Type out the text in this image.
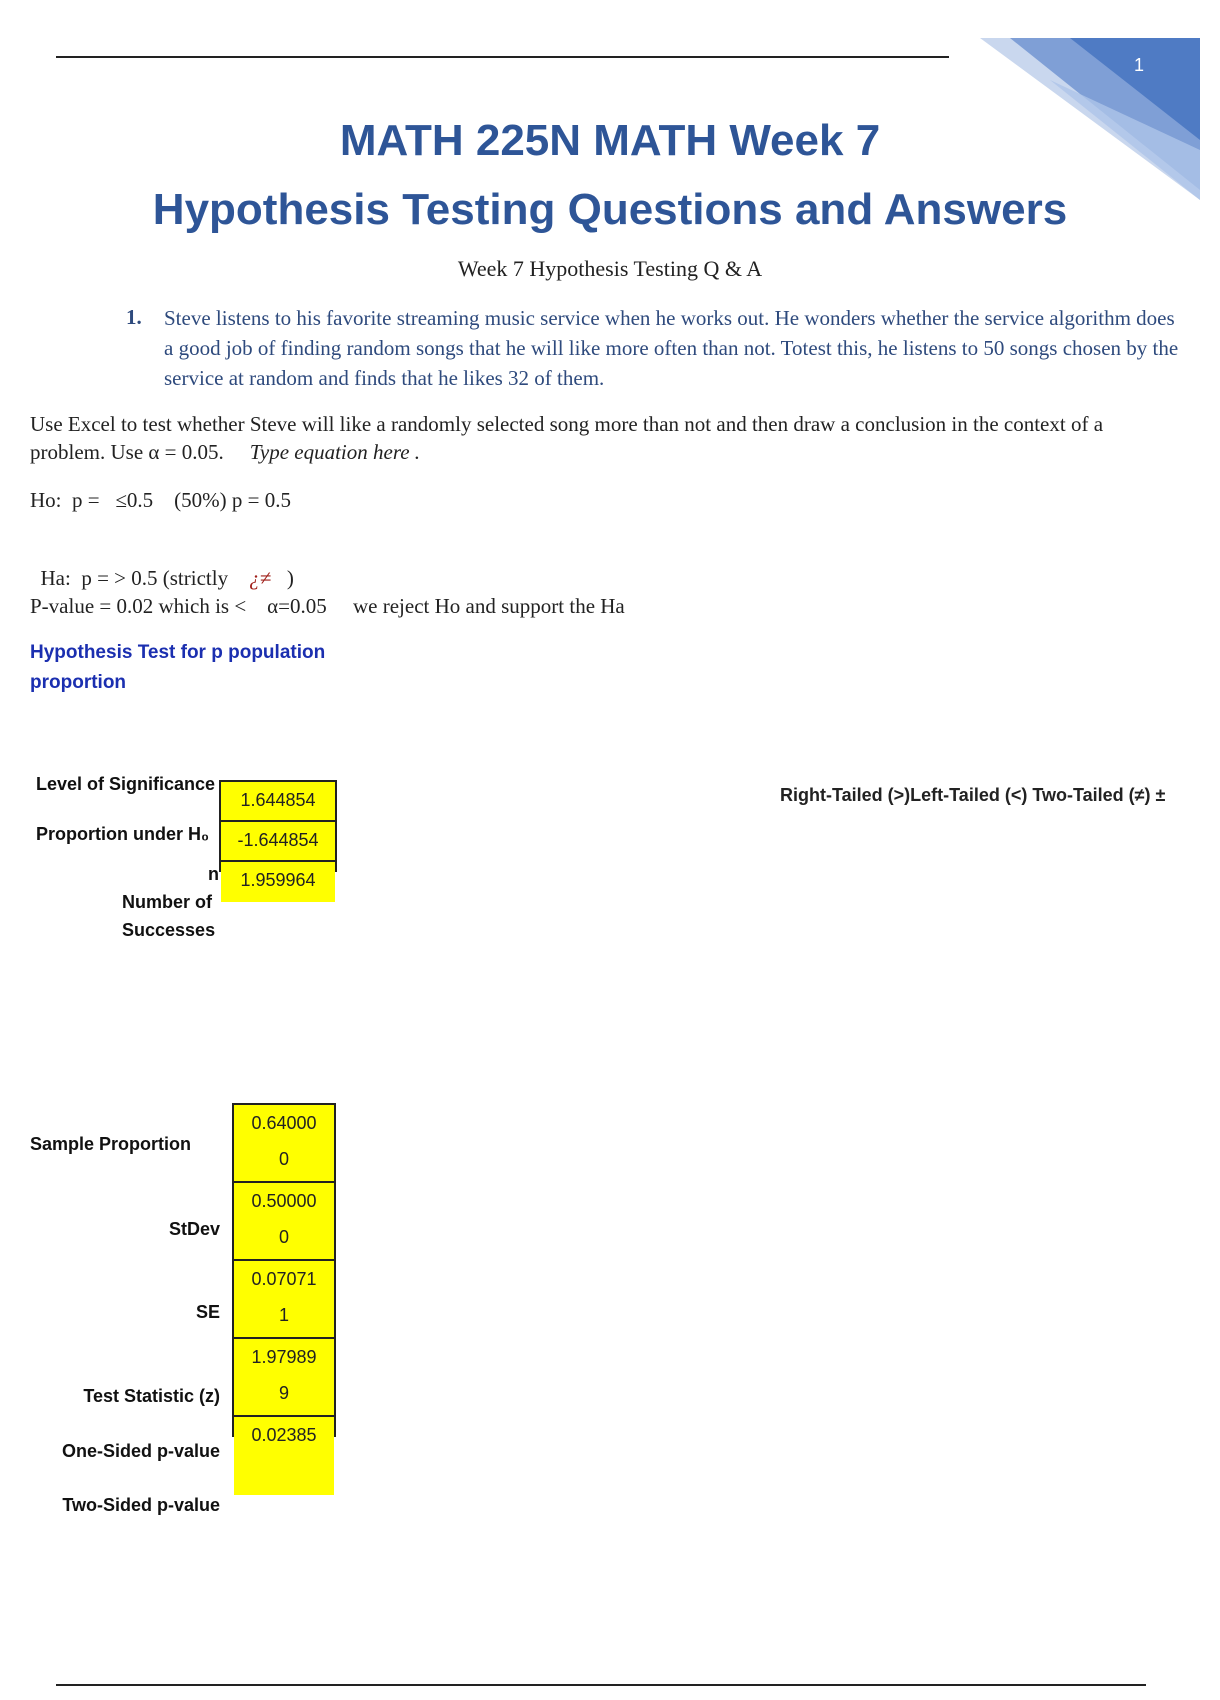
1
MATH 225N MATH Week 7
Hypothesis Testing Questions and Answers
Week 7 Hypothesis Testing Q & A
1. Steve listens to his favorite streaming music service when he works out. He wonders whether the service algorithm does a good job of finding random songs that he will like more often than not. Totest this, he listens to 50 songs chosen by the service at random and finds that he likes 32 of them.
Use Excel to test whether Steve will like a randomly selected song more than not and then draw a conclusion in the context of a problem. Use α = 0.05. Type equation here .
Ho:  p =   ≤0.5    (50%) p = 0.5

Ha:  p = > 0.5 (strictly    ¿≠   )

P-value = 0.02 which is <    α=0.05     we reject Ho and support the Ha
Hypothesis Test for p population proportion
Level of Significance
Proportion under H₀
1.644854
-1.644854
1.959964
n
Number of
Successes
Right-Tailed (>)Left-Tailed (<) Two-Tailed (≠) ±
Sample Proportion
StDev
SE
Test Statistic (z)
One-Sided p-value
Two-Sided p-value
0.64000
0
0.50000
0
0.07071
1
1.97989
9
0.02385
